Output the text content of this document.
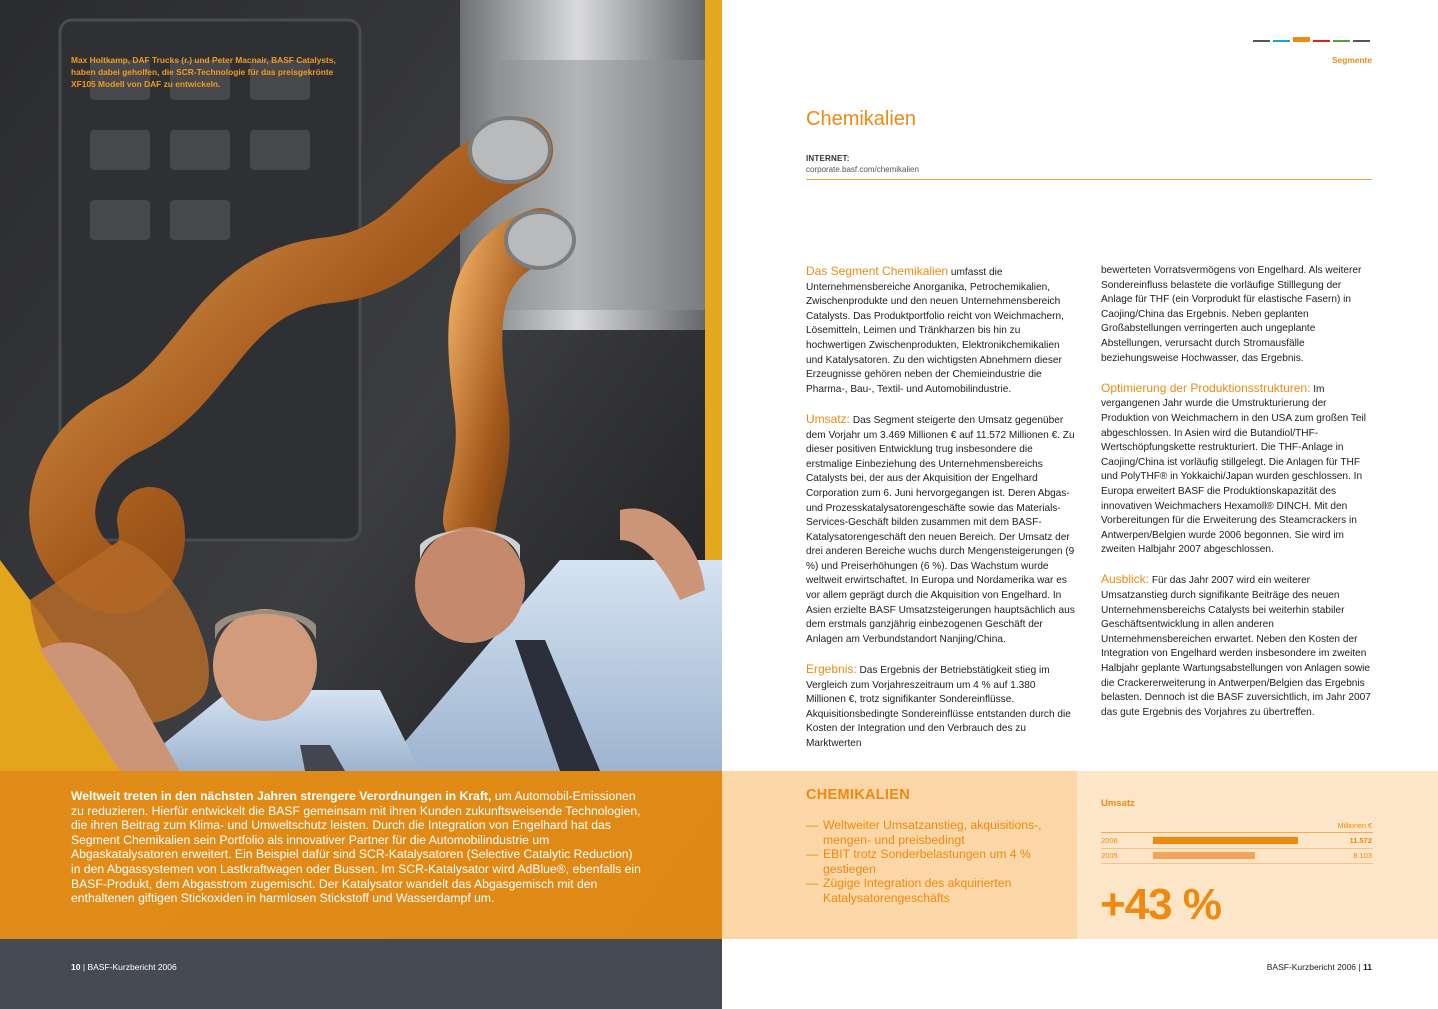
Max Holtkamp, DAF Trucks (r.) und Peter Macnair, BASF Catalysts, haben dabei geholfen, die SCR-Technologie für das preisgekrönte XF105 Modell von DAF zu entwickeln.
Weltweit treten in den nächsten Jahren strengere Verordnungen in Kraft, um Automobil-Emissionen zu reduzieren. Hierfür entwickelt die BASF gemeinsam mit ihren Kunden zukunftsweisende Technologien, die ihren Beitrag zum Klima- und Umweltschutz leisten. Durch die Integration von Engelhard hat das Segment Chemikalien sein Portfolio als innovativer Partner für die Automobilindustrie um Abgaskatalysatoren erweitert. Ein Beispiel dafür sind SCR-Katalysatoren (Selective Catalytic Reduction) in den Abgassystemen von Lastkraftwagen oder Bussen. Im SCR-Katalysator wird AdBlue®, ebenfalls ein BASF-Produkt, dem Abgasstrom zugemischt. Der Katalysator wandelt das Abgasgemisch mit den enthaltenen giftigen Stickoxiden in harmlosen Stickstoff und Wasserdampf um.
10 | BASF-Kurzbericht 2006
Segmente
Chemikalien
INTERNET:
corporate.basf.com/chemikalien

Das Segment Chemikalien umfasst die Unternehmensbereiche Anorganika, Petrochemikalien, Zwischenprodukte und den neuen Unternehmensbereich Catalysts. Das Produktportfolio reicht von Weichmachern, Lösemitteln, Leimen und Tränkharzen bis hin zu hochwertigen Zwischenprodukten, Elektronikchemikalien und Katalysatoren. Zu den wichtigsten Abnehmern dieser Erzeugnisse gehören neben der Chemieindustrie die Pharma-, Bau-, Textil- und Automobilindustrie.

Umsatz: Das Segment steigerte den Umsatz gegenüber dem Vorjahr um 3.469 Millionen € auf 11.572 Millionen €. Zu dieser positiven Entwicklung trug insbesondere die erstmalige Einbeziehung des Unternehmensbereichs Catalysts bei, der aus der Akquisition der Engelhard Corporation zum 6. Juni hervorgegangen ist. Deren Abgas- und Prozesskatalysatorengeschäfte sowie das Materials-Services-Geschäft bilden zusammen mit dem BASF-Katalysatorengeschäft den neuen Bereich. Der Umsatz der drei anderen Bereiche wuchs durch Mengensteigerungen (9 %) und Preiserhöhungen (6 %). Das Wachstum wurde weltweit erwirtschaftet. In Europa und Nordamerika war es vor allem geprägt durch die Akquisition von Engelhard. In Asien erzielte BASF Umsatzsteigerungen hauptsächlich aus dem erstmals ganzjährig einbezogenen Geschäft der Anlagen am Verbundstandort Nanjing/China.

Ergebnis: Das Ergebnis der Betriebstätigkeit stieg im Vergleich zum Vorjahreszeitraum um 4 % auf 1.380 Millionen €, trotz signifikanter Sondereinflüsse. Akquisitionsbedingte Sondereinflüsse entstanden durch die Kosten der Integration und den Verbrauch des zu Marktwerten

bewerteten Vorratsvermögens von Engelhard. Als weiterer Sondereinfluss belastete die vorläufige Stilllegung der Anlage für THF (ein Vorprodukt für elastische Fasern) in Caojing/China das Ergebnis. Neben geplanten Großabstellungen verringerten auch ungeplante Abstellungen, verursacht durch Stromausfälle beziehungsweise Hochwasser, das Ergebnis.

Optimierung der Produktionsstrukturen: Im vergangenen Jahr wurde die Umstrukturierung der Produktion von Weichmachern in den USA zum großen Teil abgeschlossen. In Asien wird die Butandiol/THF-Wertschöpfungskette restrukturiert. Die THF-Anlage in Caojing/China ist vorläufig stillgelegt. Die Anlagen für THF und PolyTHF® in Yokkaichi/Japan wurden geschlossen. In Europa erweitert BASF die Produktionskapazität des innovativen Weichmachers Hexamoll® DINCH. Mit den Vorbereitungen für die Erweiterung des Steamcrackers in Antwerpen/Belgien wurde 2006 begonnen. Sie wird im zweiten Halbjahr 2007 abgeschlossen.

Ausblick: Für das Jahr 2007 wird ein weiterer Umsatzanstieg durch signifikante Beiträge des neuen Unternehmensbereichs Catalysts bei weiterhin stabiler Geschäftsentwicklung in allen anderen Unternehmensbereichen erwartet. Neben den Kosten der Integration von Engelhard werden insbesondere im zweiten Halbjahr geplante Wartungsabstellungen von Anlagen sowie die Crackererweiterung in Antwerpen/Belgien das Ergebnis belasten. Dennoch ist die BASF zuversichtlich, im Jahr 2007 das gute Ergebnis des Vorjahres zu übertreffen.

CHEMIKALIEN
— Weltweiter Umsatzanstieg, akquisitions-, mengen- und preisbedingt
— EBIT trotz Sonderbelastungen um 4 % gestiegen
— Zügige Integration des akquirierten Katalysatorengeschäfts
Umsatz
Millionen €
2006	11.572
2005	8.103
+43 %
BASF-Kurzbericht 2006 | 11
